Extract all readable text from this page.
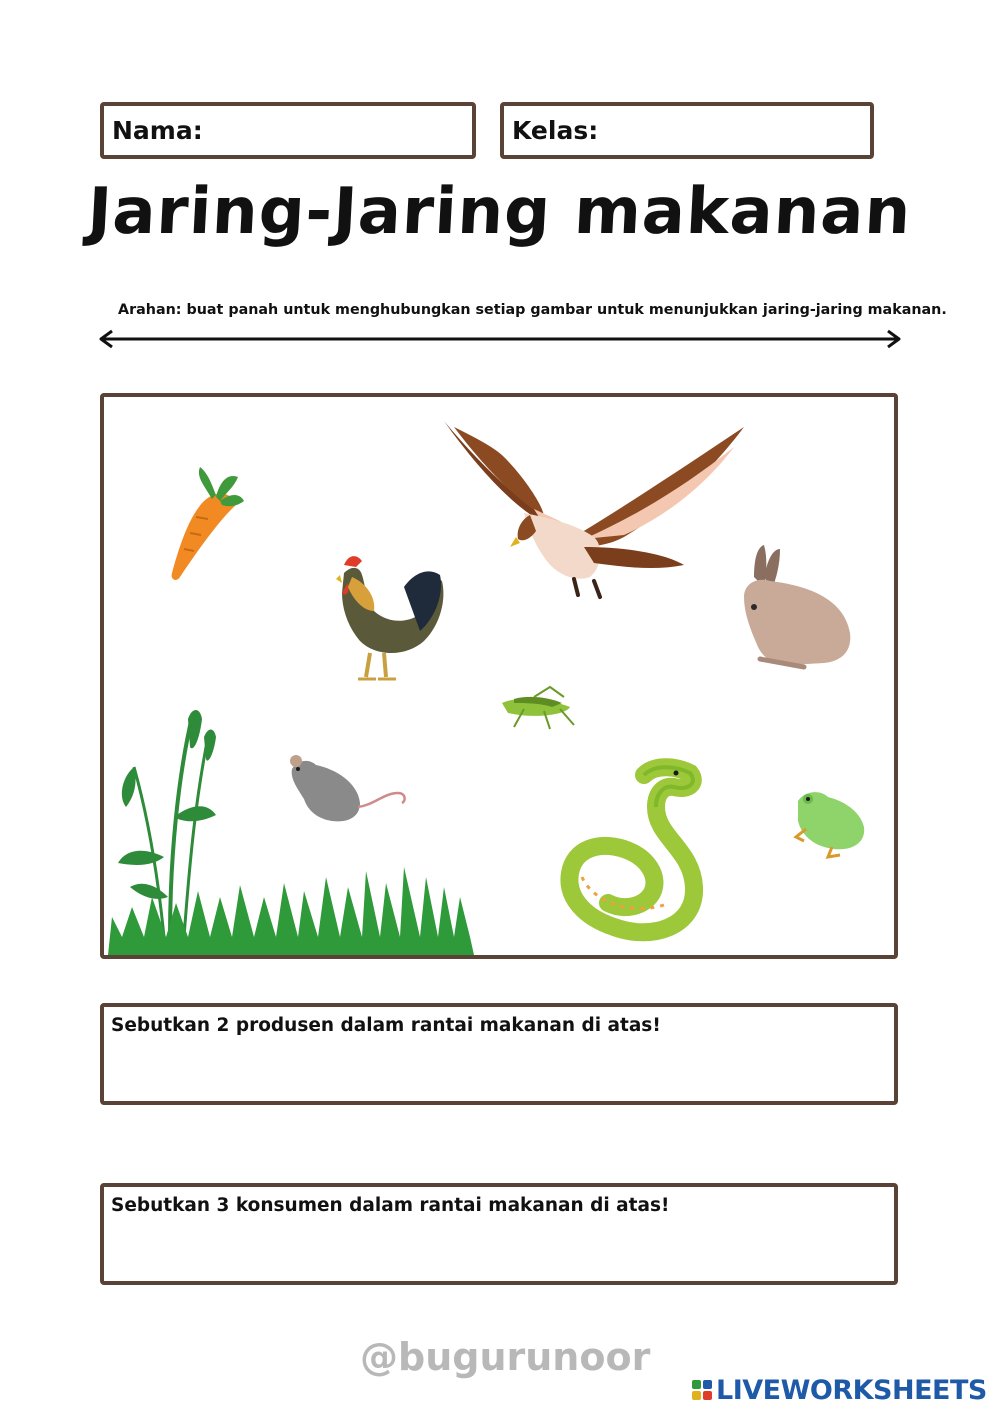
Nama:	Kelas:
Jaring-Jaring makanan
Arahan: buat panah untuk menghubungkan setiap gambar untuk menunjukkan jaring-jaring makanan.
Sebutkan 2 produsen dalam rantai makanan di atas!
Sebutkan 3 konsumen dalam rantai makanan di atas!
@bugurunoor
LIVEWORKSHEETS
